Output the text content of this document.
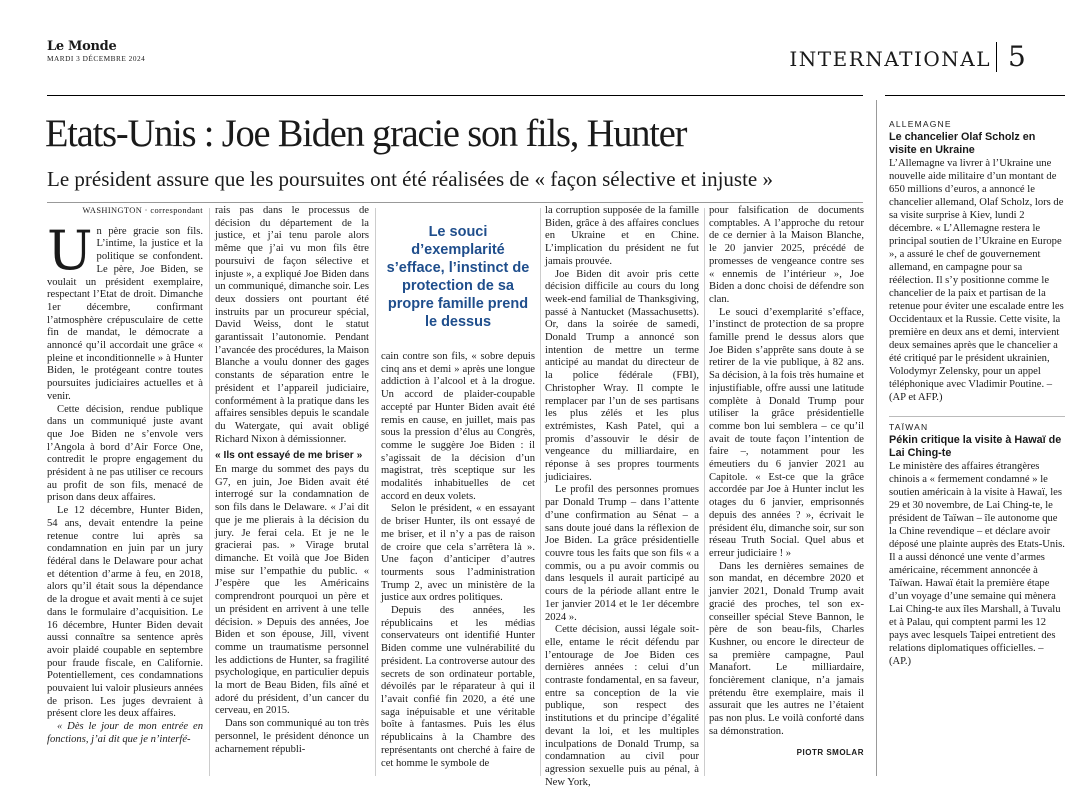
Le Monde
MARDI 3 DÉCEMBRE 2024	INTERNATIONAL 5
Etats-Unis : Joe Biden gracie son fils, Hunter
Le président assure que les poursuites ont été réalisées de « façon sélective et injuste »
WASHINGTON · correspondant

Un père gracie son fils. L’intime, la justice et la politique se confondent. Le père, Joe Biden, se voulait un président exemplaire, respectant l’Etat de droit. Dimanche 1er décembre, confirmant l’atmosphère crépusculaire de cette fin de mandat, le démocrate a annoncé qu’il accordait une grâce « pleine et inconditionnelle » à Hunter Biden, le protégeant contre toutes poursuites judiciaires actuelles et à venir.

Cette décision, rendue publique dans un communiqué juste avant que Joe Biden ne s’envole vers l’Angola à bord d’Air Force One, contredit le propre engagement du président à ne pas utiliser ce recours au profit de son fils, menacé de prison dans deux affaires.

Le 12 décembre, Hunter Biden, 54 ans, devait entendre la peine retenue contre lui après sa condamnation en juin par un jury fédéral dans le Delaware pour achat et détention d’arme à feu, en 2018, alors qu’il était sous la dépendance de la drogue et avait menti à ce sujet dans le formulaire d’acquisition. Le 16 décembre, Hunter Biden devait aussi connaître sa sentence après avoir plaidé coupable en septembre pour fraude fiscale, en Californie. Potentiellement, ces condamnations pouvaient lui valoir plusieurs années de prison. Les juges devraient à présent clore les deux affaires.

« Dès le jour de mon entrée en fonctions, j’ai dit que je n’interfé-

rais pas dans le processus de décision du département de la justice, et j’ai tenu parole alors même que j’ai vu mon fils être poursuivi de façon sélective et injuste », a expliqué Joe Biden dans un communiqué, dimanche soir. Les deux dossiers ont pourtant été instruits par un procureur spécial, David Weiss, dont le statut garantissait l’autonomie. Pendant l’avancée des procédures, la Maison Blanche a voulu donner des gages constants de séparation entre le président et l’appareil judiciaire, conformément à la pratique dans les affaires sensibles depuis le scandale du Watergate, qui avait obligé Richard Nixon à démissionner.

« Ils ont essayé de me briser »

En marge du sommet des pays du G7, en juin, Joe Biden avait été interrogé sur la condamnation de son fils dans le Delaware. « J’ai dit que je me plierais à la décision du jury. Je ferai cela. Et je ne le gracierai pas. » Virage brutal dimanche. Et voilà que Joe Biden mise sur l’empathie du public. « J’espère que les Américains comprendront pourquoi un père et un président en arrivent à une telle décision. » Depuis des années, Joe Biden et son épouse, Jill, vivent comme un traumatisme personnel les addictions de Hunter, sa fragilité psychologique, en particulier depuis la mort de Beau Biden, fils aîné et adoré du président, d’un cancer du cerveau, en 2015.

Dans son communiqué au ton très personnel, le président dénonce un acharnement républi-

Le souci d’exemplarité s’efface, l’instinct de protection de sa propre famille prend le dessus

cain contre son fils, « sobre depuis cinq ans et demi » après une longue addiction à l’alcool et à la drogue. Un accord de plaider-coupable accepté par Hunter Biden avait été remis en cause, en juillet, mais pas sous la pression d’élus au Congrès, comme le suggère Joe Biden : il s’agissait de la décision d’un magistrat, très sceptique sur les modalités inhabituelles de cet accord en deux volets.

Selon le président, « en essayant de briser Hunter, ils ont essayé de me briser, et il n’y a pas de raison de croire que cela s’arrêtera là ». Une façon d’anticiper d’autres tourments sous l’administration Trump 2, avec un ministère de la justice aux ordres politiques.

Depuis des années, les républicains et les médias conservateurs ont identifié Hunter Biden comme une vulnérabilité du président. La controverse autour des secrets de son ordinateur portable, dévoilés par le réparateur à qui il l’avait confié fin 2020, a été une saga inépuisable et une véritable boîte à fantasmes. Puis les élus républicains à la Chambre des représentants ont cherché à faire de cet homme le symbole de

la corruption supposée de la famille Biden, grâce à des affaires conclues en Ukraine et en Chine. L’implication du président ne fut jamais prouvée.

Joe Biden dit avoir pris cette décision difficile au cours du long week-end familial de Thanksgiving, passé à Nantucket (Massachusetts). Or, dans la soirée de samedi, Donald Trump a annoncé son intention de mettre un terme anticipé au mandat du directeur de la police fédérale (FBI), Christopher Wray. Il compte le remplacer par l’un de ses partisans les plus zélés et les plus extrémistes, Kash Patel, qui a promis d’assouvir le désir de vengeance du milliardaire, en réponse à ses propres tourments judiciaires.

Le profil des personnes promues par Donald Trump – dans l’attente d’une confirmation au Sénat – a sans doute joué dans la réflexion de Joe Biden. La grâce présidentielle couvre tous les faits que son fils « a commis, ou a pu avoir commis ou dans lesquels il aurait participé au cours de la période allant entre le 1er janvier 2014 et le 1er décembre 2024 ».

Cette décision, aussi légale soit-elle, entame le récit défendu par l’entourage de Joe Biden ces dernières années : celui d’un contraste fondamental, en sa faveur, entre sa conception de la vie publique, son respect des institutions et du principe d’égalité devant la loi, et les multiples inculpations de Donald Trump, sa condamnation au civil pour agression sexuelle puis au pénal, à New York,

pour falsification de documents comptables. A l’approche du retour de ce dernier à la Maison Blanche, le 20 janvier 2025, précédé de promesses de vengeance contre ses « ennemis de l’intérieur », Joe Biden a donc choisi de défendre son clan.

Le souci d’exemplarité s’efface, l’instinct de protection de sa propre famille prend le dessus alors que Joe Biden s’apprête sans doute à se retirer de la vie publique, à 82 ans. Sa décision, à la fois très humaine et injustifiable, offre aussi une latitude complète à Donald Trump pour utiliser la grâce présidentielle comme bon lui semblera – ce qu’il avait de toute façon l’intention de faire –, notamment pour les émeutiers du 6 janvier 2021 au Capitole. « Est-ce que la grâce accordée par Joe à Hunter inclut les otages du 6 janvier, emprisonnés depuis des années ? », écrivait le président élu, dimanche soir, sur son réseau Truth Social. Quel abus et erreur judiciaire ! »

Dans les dernières semaines de son mandat, en décembre 2020 et janvier 2021, Donald Trump avait gracié des proches, tel son ex-conseiller spécial Steve Bannon, le père de son beau-fils, Charles Kushner, ou encore le directeur de sa première campagne, Paul Manafort. Le milliardaire, foncièrement clanique, n’a jamais prétendu être exemplaire, mais il assurait que les autres ne l’étaient pas non plus. Le voilà conforté dans sa démonstration.

PIOTR SMOLAR
ALLEMAGNE
Le chancelier Olaf Scholz en visite en Ukraine
L’Allemagne va livrer à l’Ukraine une nouvelle aide militaire d’un montant de 650 millions d’euros, a annoncé le chancelier allemand, Olaf Scholz, lors de sa visite surprise à Kiev, lundi 2 décembre. « L’Allemagne restera le principal soutien de l’Ukraine en Europe », a assuré le chef de gouvernement allemand, en campagne pour sa réélection. Il s’y positionne comme le chancelier de la paix et partisan de la retenue pour éviter une escalade entre les Occidentaux et la Russie. Cette visite, la première en deux ans et demi, intervient deux semaines après que le chancelier a été critiqué par le président ukrainien, Volodymyr Zelensky, pour un appel téléphonique avec Vladimir Poutine. – (AP et AFP.)
TAÏWAN
Pékin critique la visite à Hawaï de Lai Ching-te
Le ministère des affaires étrangères chinois a « fermement condamné » le soutien américain à la visite à Hawaï, les 29 et 30 novembre, de Lai Ching-te, le président de Taïwan – île autonome que la Chine revendique – et déclare avoir déposé une plainte auprès des Etats-Unis. Il a aussi dénoncé une vente d’armes américaine, récemment annoncée à Taïwan. Hawaï était la première étape d’un voyage d’une semaine qui mènera Lai Ching-te aux îles Marshall, à Tuvalu et à Palau, qui comptent parmi les 12 pays avec lesquels Taipei entretient des relations diplomatiques officielles. – (AP.)
